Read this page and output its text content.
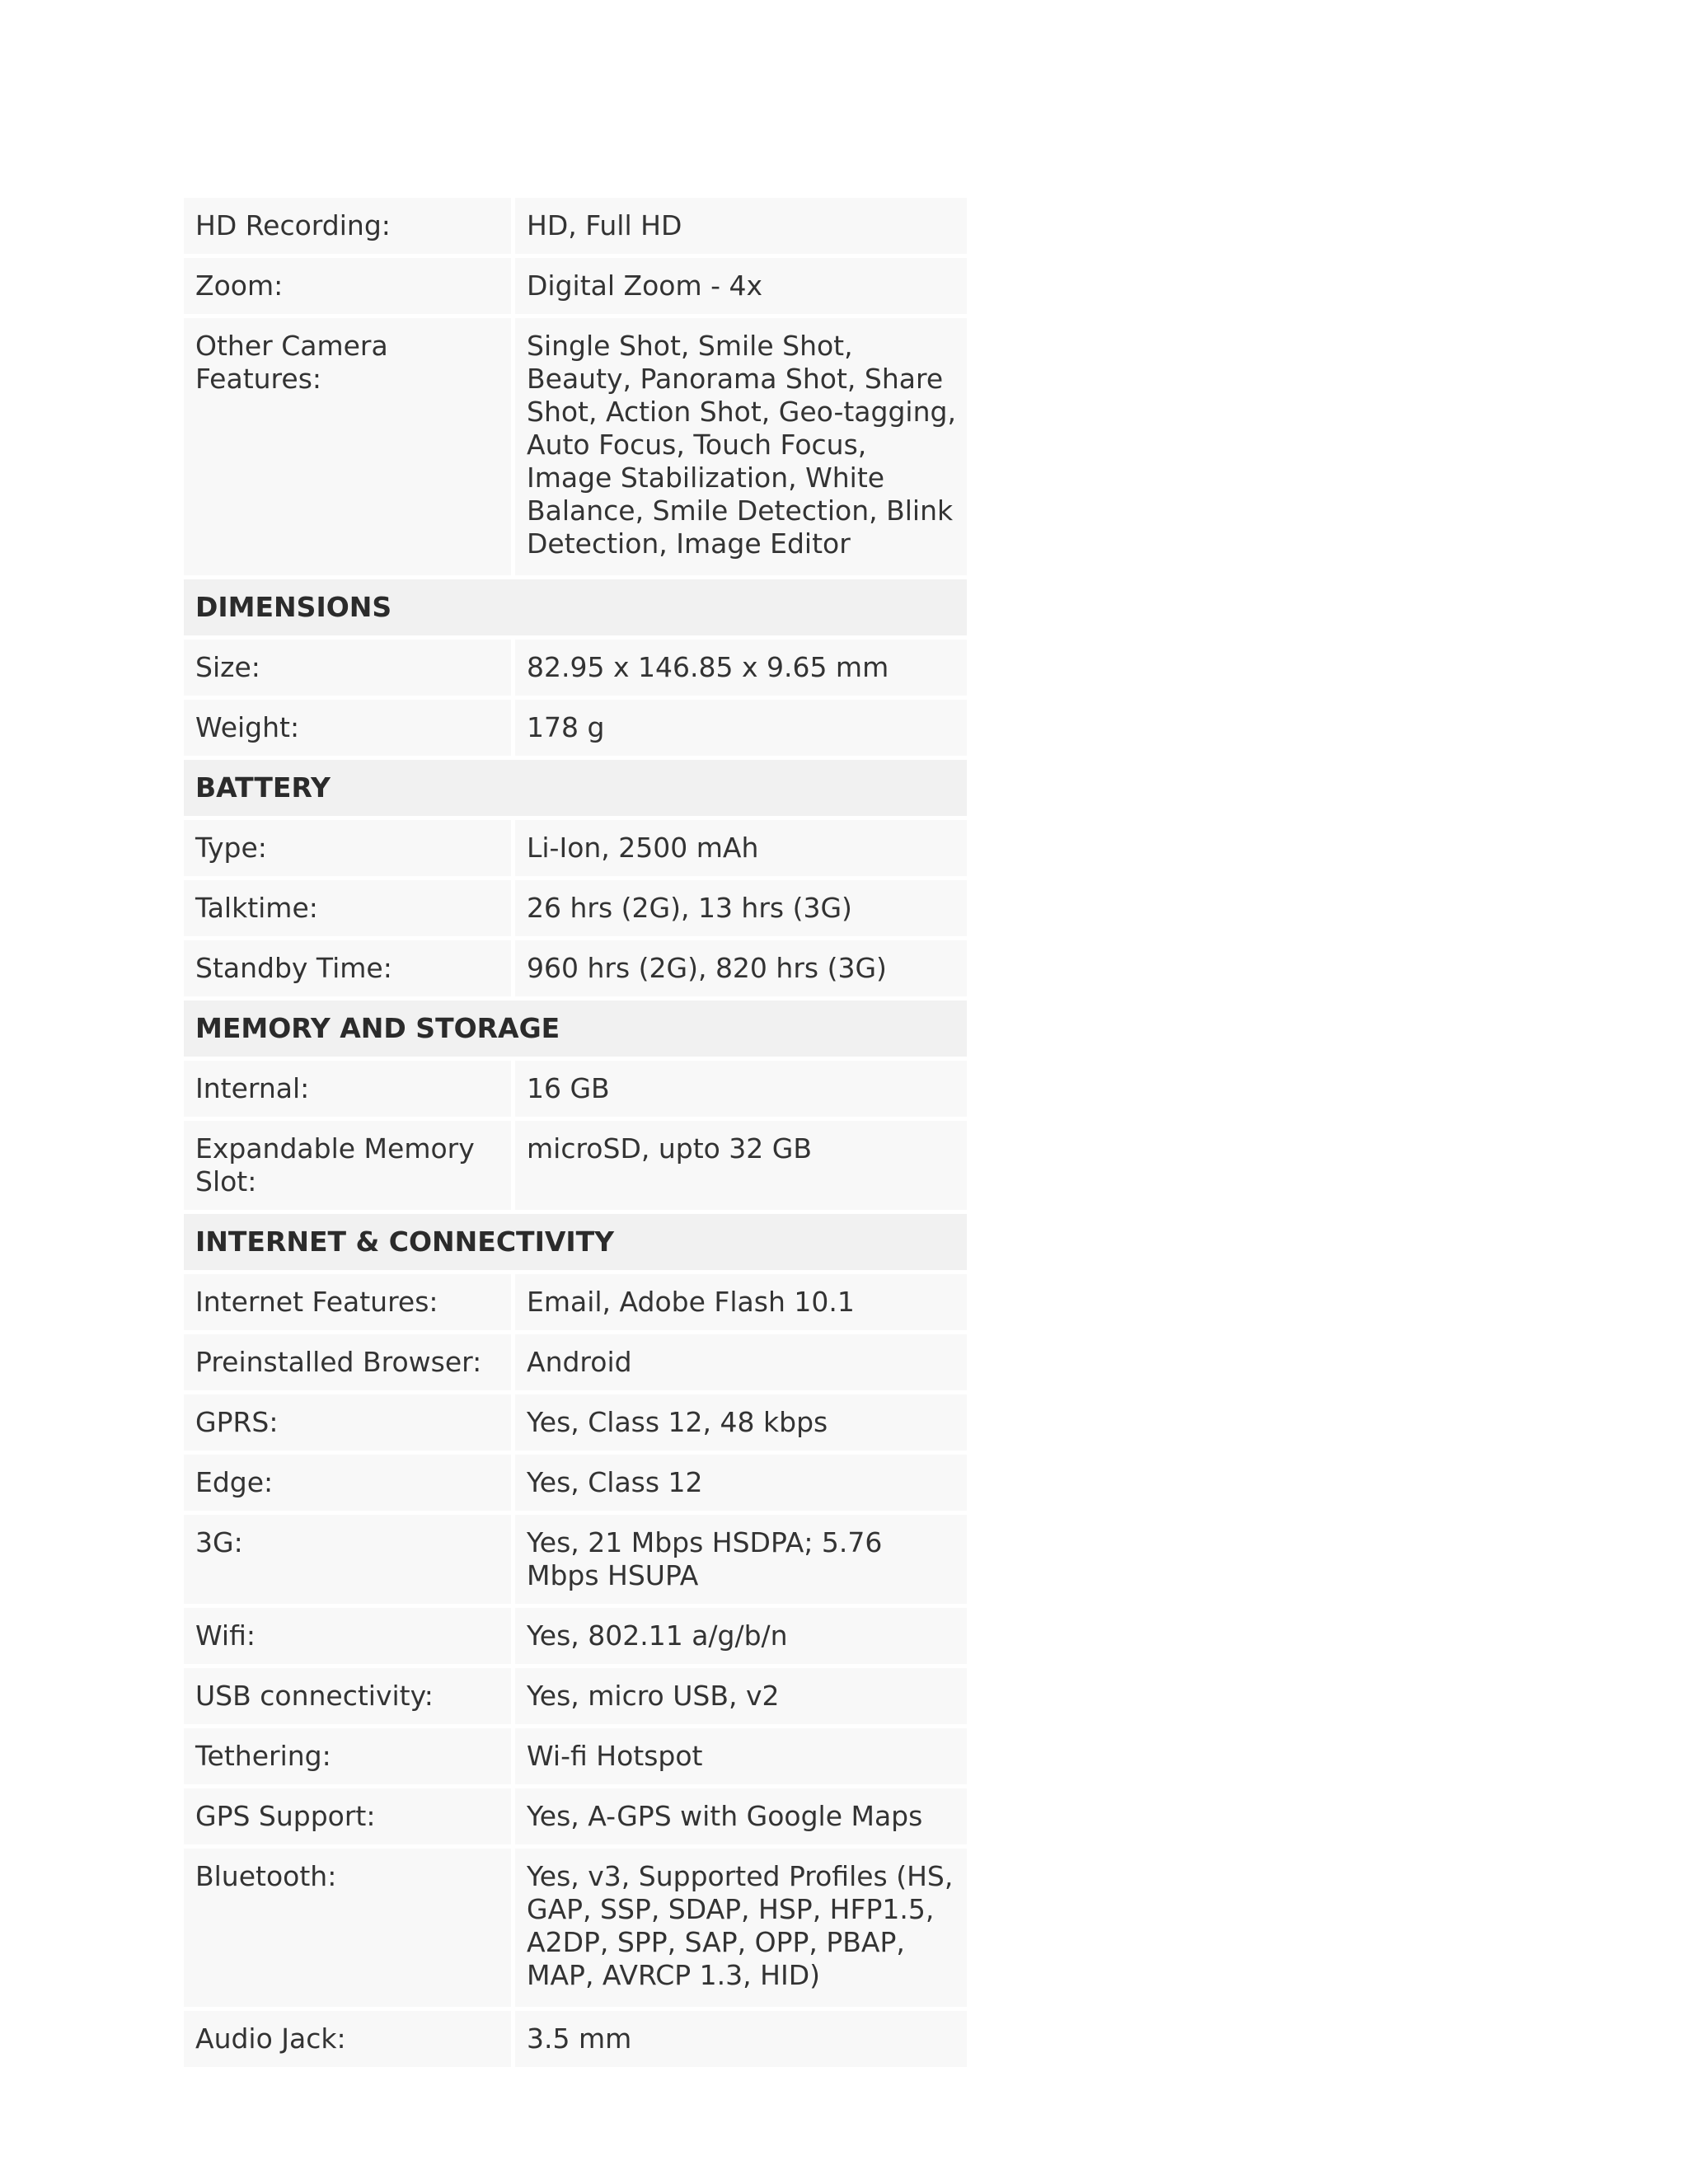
HD Recording:	HD, Full HD
Zoom:	Digital Zoom - 4x
Other Camera Features:	Single Shot, Smile Shot, Beauty, Panorama Shot, Share Shot, Action Shot, Geo-tagging, Auto Focus, Touch Focus, Image Stabilization, White Balance, Smile Detection, Blink Detection, Image Editor
DIMENSIONS	
Size:	82.95 x 146.85 x 9.65 mm
Weight:	178 g
BATTERY	
Type:	Li-Ion, 2500 mAh
Talktime:	26 hrs (2G), 13 hrs (3G)
Standby Time:	960 hrs (2G), 820 hrs (3G)
MEMORY AND STORAGE	
Internal:	16 GB
Expandable Memory Slot:	microSD, upto 32 GB
INTERNET & CONNECTIVITY	
Internet Features:	Email, Adobe Flash 10.1
Preinstalled Browser:	Android
GPRS:	Yes, Class 12, 48 kbps
Edge:	Yes, Class 12
3G:	Yes, 21 Mbps HSDPA; 5.76 Mbps HSUPA
Wifi:	Yes, 802.11 a/g/b/n
USB connectivity:	Yes, micro USB, v2
Tethering:	Wi-fi Hotspot
GPS Support:	Yes, A-GPS with Google Maps
Bluetooth:	Yes, v3, Supported Profiles (HS, GAP, SSP, SDAP, HSP, HFP1.5, A2DP, SPP, SAP, OPP, PBAP, MAP, AVRCP 1.3, HID)
Audio Jack:	3.5 mm
